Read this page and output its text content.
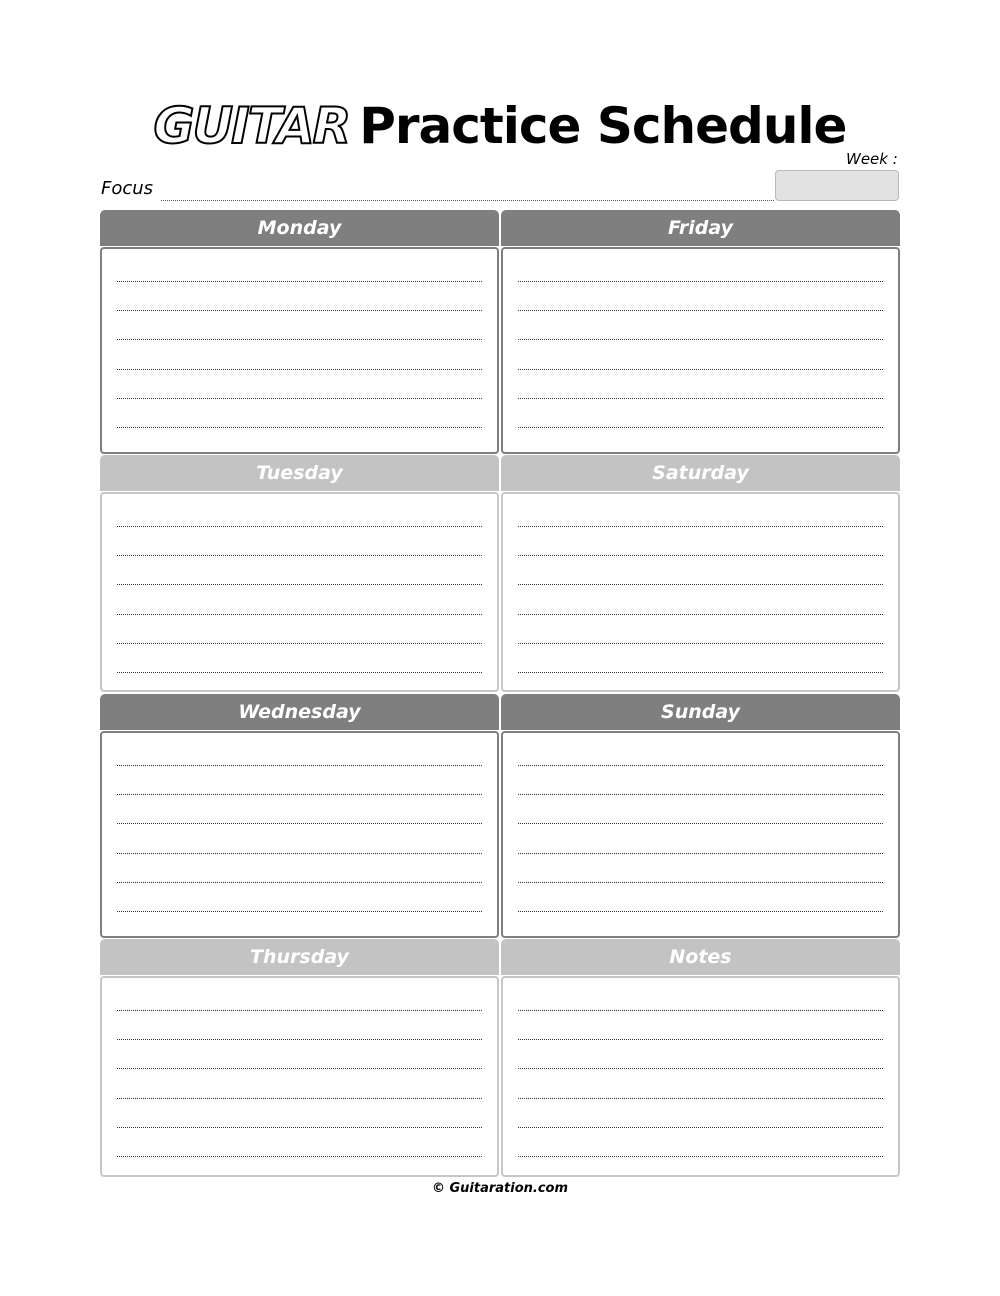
GUITAR Practice Schedule
Week :
Focus
Monday	Friday
Tuesday	Saturday
Wednesday	Sunday
Thursday	Notes
© Guitaration.com
